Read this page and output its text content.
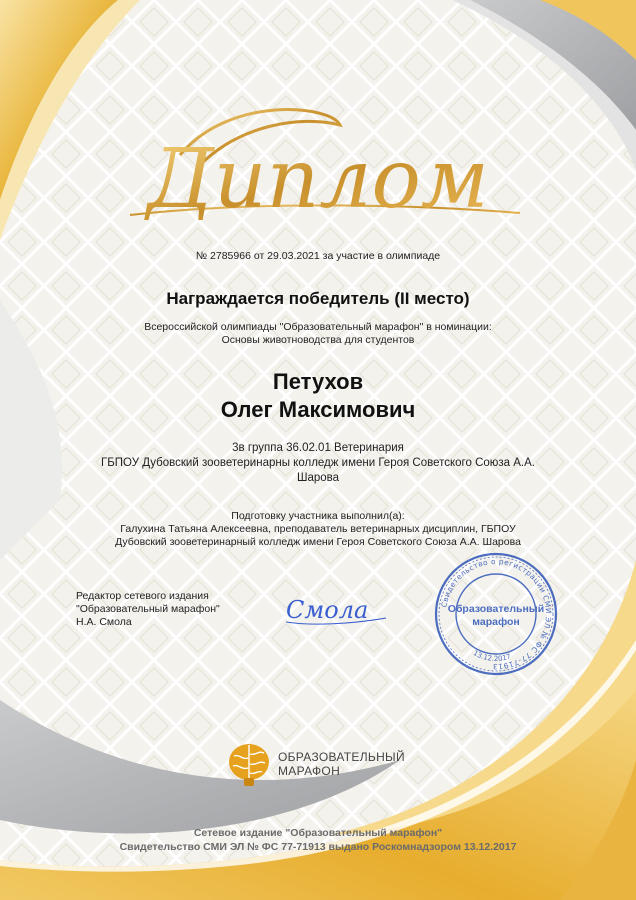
Диплом
№ 2785966 от 29.03.2021 за участие в олимпиаде
Награждается победитель (II место)
Всероссийской олимпиады "Образовательный марафон" в номинации:
Основы животноводства для студентов
Петухов
Олег Максимович
3в группа 36.02.01 Ветеринария
ГБПОУ Дубовский зооветеринарны колледж имени Героя Советского Союза А.А.
Шарова
Подготовку участника выполнил(а):
Галухина Татьяна Алексеевна, преподаватель ветеринарных дисциплин, ГБПОУ
Дубовский зооветеринарный колледж имени Героя Советского Союза А.А. Шарова
Редактор сетевого издания
"Образовательный марафон"
Н.А. Смола	Смола	Свидетельство о регистрации СМИ ЭЛ № ФС 77-71913
13.12.2017
Образовательный
марафон
ОБРАЗОВАТЕЛЬНЫЙ
МАРАФОН
Сетевое издание "Образовательный марафон"
Свидетельство СМИ ЭЛ № ФС 77-71913 выдано Роскомнадзором 13.12.2017
